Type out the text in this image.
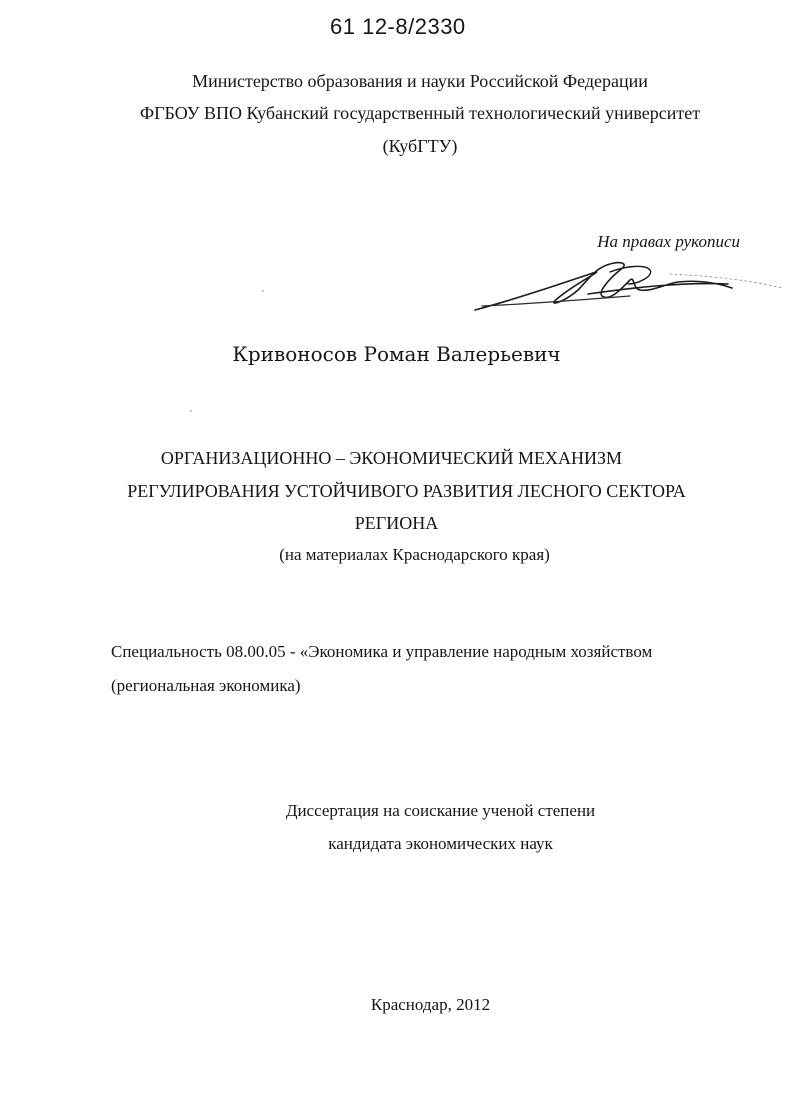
61 12-8/2330
Министерство образования и науки Российской Федерации
ФГБОУ ВПО Кубанский государственный технологический университет
(КубГТУ)
На правах рукописи
Кривоносов Роман Валерьевич
ОРГАНИЗАЦИОННО – ЭКОНОМИЧЕСКИЙ МЕХАНИЗМ
РЕГУЛИРОВАНИЯ УСТОЙЧИВОГО РАЗВИТИЯ ЛЕСНОГО СЕКТОРА
РЕГИОНА
(на материалах Краснодарского края)
Специальность 08.00.05 - «Экономика и управление народным хозяйством
(региональная экономика)
Диссертация на соискание ученой степени
кандидата экономических наук
Краснодар, 2012
